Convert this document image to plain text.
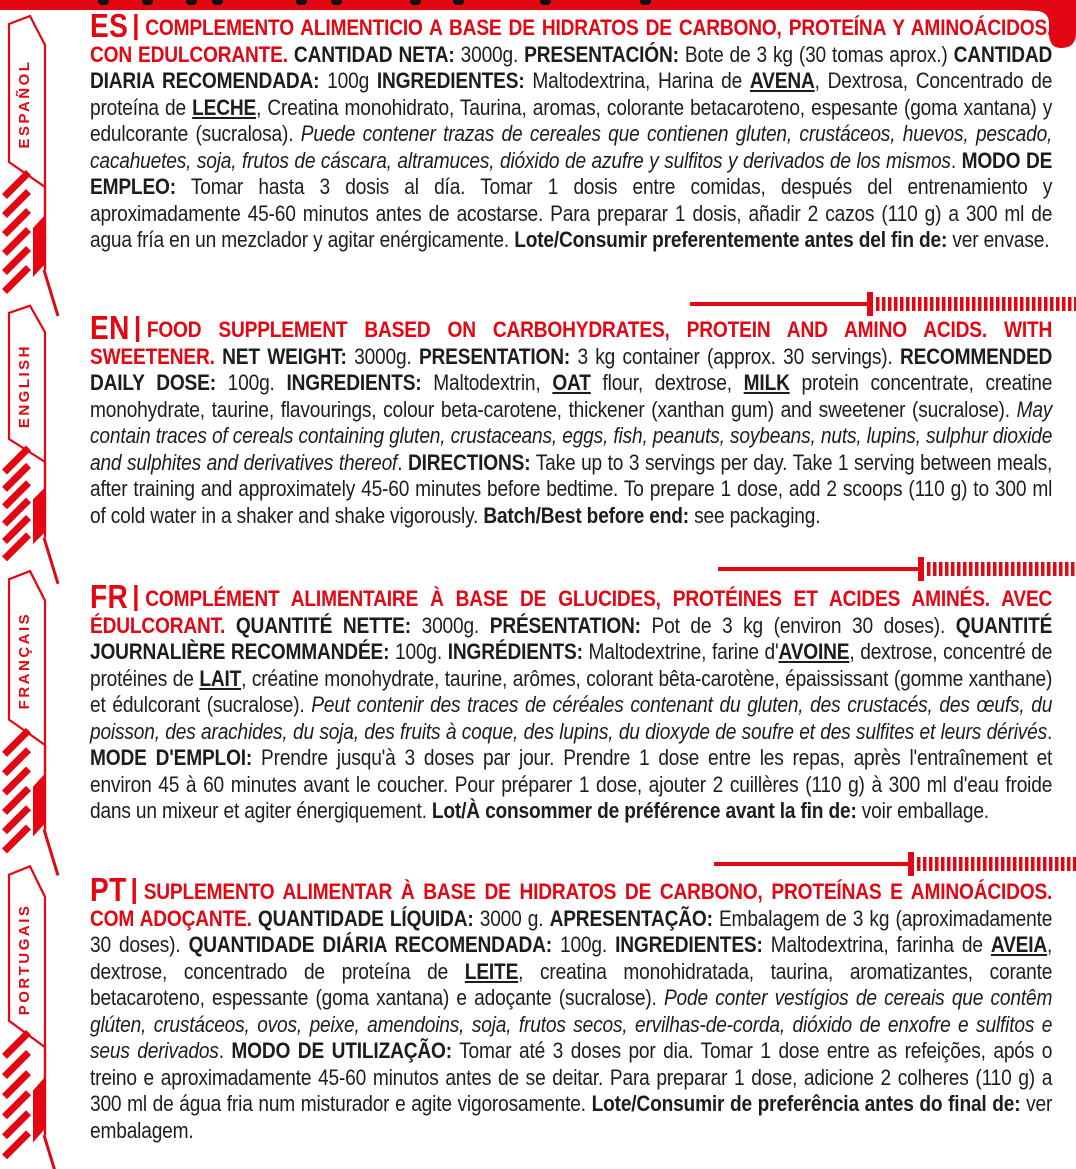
ESPAÑOL

ES COMPLEMENTO ALIMENTICIO A BASE DE HIDRATOS DE CARBONO, PROTEÍNA Y AMINOÁCIDOS. CON EDULCORANTE. CANTIDAD NETA: 3000g. PRESENTACIÓN: Bote de 3 kg (30 tomas aprox.) CANTIDAD DIARIA RECOMENDADA: 100g INGREDIENTES: Maltodextrina, Harina de AVENA, Dextrosa, Concentrado de proteína de LECHE, Creatina monohidrato, Taurina, aromas, colorante betacaroteno, espesante (goma xantana) y edulcorante (sucralosa). Puede contener trazas de cereales que contienen gluten, crustáceos, huevos, pescado, cacahuetes, soja, frutos de cáscara, altramuces, dióxido de azufre y sulfitos y derivados de los mismos. MODO DE EMPLEO: Tomar hasta 3 dosis al día. Tomar 1 dosis entre comidas, después del entrenamiento y aproximadamente 45-60 minutos antes de acostarse. Para preparar 1 dosis, añadir 2 cazos (110 g) a 300 ml de agua fría en un mezclador y agitar enérgicamente. Lote/Consumir preferentemente antes del fin de: ver envase.

ENGLISH

EN FOOD SUPPLEMENT BASED ON CARBOHYDRATES, PROTEIN AND AMINO ACIDS. WITH SWEETENER. NET WEIGHT: 3000g. PRESENTATION: 3 kg container (approx. 30 servings). RECOMMENDED DAILY DOSE: 100g. INGREDIENTS: Maltodextrin, OAT flour, dextrose, MILK protein concentrate, creatine monohydrate, taurine, flavourings, colour beta-carotene, thickener (xanthan gum) and sweetener (sucralose). May contain traces of cereals containing gluten, crustaceans, eggs, fish, peanuts, soybeans, nuts, lupins, sulphur dioxide and sulphites and derivatives thereof. DIRECTIONS: Take up to 3 servings per day. Take 1 serving between meals, after training and approximately 45-60 minutes before bedtime. To prepare 1 dose, add 2 scoops (110 g) to 300 ml of cold water in a shaker and shake vigorously. Batch/Best before end: see packaging.

FRANÇAIS

FR COMPLÉMENT ALIMENTAIRE À BASE DE GLUCIDES, PROTÉINES ET ACIDES AMINÉS. AVEC ÉDULCORANT. QUANTITÉ NETTE: 3000g. PRÉSENTATION: Pot de 3 kg (environ 30 doses). QUANTITÉ JOURNALIÈRE RECOMMANDÉE: 100g. INGRÉDIENTS: Maltodextrine, farine d'AVOINE, dextrose, concentré de protéines de LAIT, créatine monohydrate, taurine, arômes, colorant bêta-carotène, épaississant (gomme xanthane) et édulcorant (sucralose). Peut contenir des traces de céréales contenant du gluten, des crustacés, des œufs, du poisson, des arachides, du soja, des fruits à coque, des lupins, du dioxyde de soufre et des sulfites et leurs dérivés. MODE D'EMPLOI: Prendre jusqu'à 3 doses par jour. Prendre 1 dose entre les repas, après l'entraînement et environ 45 à 60 minutes avant le coucher. Pour préparer 1 dose, ajouter 2 cuillères (110 g) à 300 ml d'eau froide dans un mixeur et agiter énergiquement. Lot/À consommer de préférence avant la fin de: voir emballage.

PORTUGAIS

PT SUPLEMENTO ALIMENTAR À BASE DE HIDRATOS DE CARBONO, PROTEÍNAS E AMINOÁCIDOS. COM ADOÇANTE. QUANTIDADE LÍQUIDA: 3000 g. APRESENTAÇÃO: Embalagem de 3 kg (aproximadamente 30 doses). QUANTIDADE DIÁRIA RECOMENDADA: 100g. INGREDIENTES: Maltodextrina, farinha de AVEIA, dextrose, concentrado de proteína de LEITE, creatina monohidratada, taurina, aromatizantes, corante betacaroteno, espessante (goma xantana) e adoçante (sucralose). Pode conter vestígios de cereais que contêm glúten, crustáceos, ovos, peixe, amendoins, soja, frutos secos, ervilhas-de-corda, dióxido de enxofre e sulfitos e seus derivados. MODO DE UTILIZAÇÃO: Tomar até 3 doses por dia. Tomar 1 dose entre as refeições, após o treino e aproximadamente 45-60 minutos antes de se deitar. Para preparar 1 dose, adicione 2 colheres (110 g) a 300 ml de água fria num misturador e agite vigorosamente. Lote/Consumir de preferência antes do final de: ver embalagem.
